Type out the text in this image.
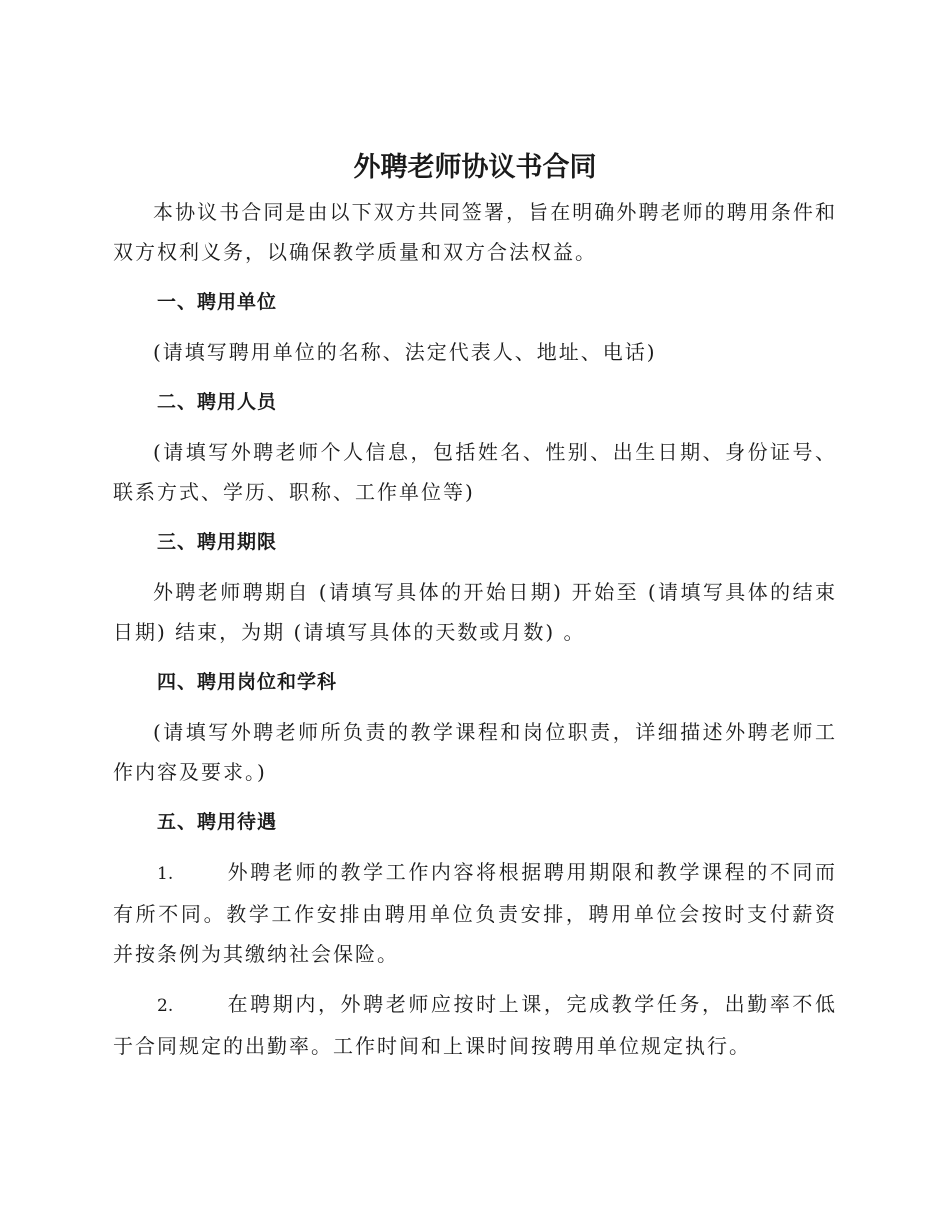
外聘老师协议书合同

本协议书合同是由以下双方共同签署，旨在明确外聘老师的聘用条件和双方权利义务，以确保教学质量和双方合法权益。

一、聘用单位

(请填写聘用单位的名称、法定代表人、地址、电话)

二、聘用人员

(请填写外聘老师个人信息，包括姓名、性别、出生日期、身份证号、联系方式、学历、职称、工作单位等)

三、聘用期限

外聘老师聘期自 (请填写具体的开始日期) 开始至 (请填写具体的结束日期) 结束，为期 (请填写具体的天数或月数) 。

四、聘用岗位和学科

(请填写外聘老师所负责的教学课程和岗位职责，详细描述外聘老师工作内容及要求。)

五、聘用待遇

1.	外聘老师的教学工作内容将根据聘用期限和教学课程的不同而有所不同。教学工作安排由聘用单位负责安排，聘用单位会按时支付薪资并按条例为其缴纳社会保险。

2.	在聘期内，外聘老师应按时上课，完成教学任务，出勤率不低于合同规定的出勤率。工作时间和上课时间按聘用单位规定执行。
